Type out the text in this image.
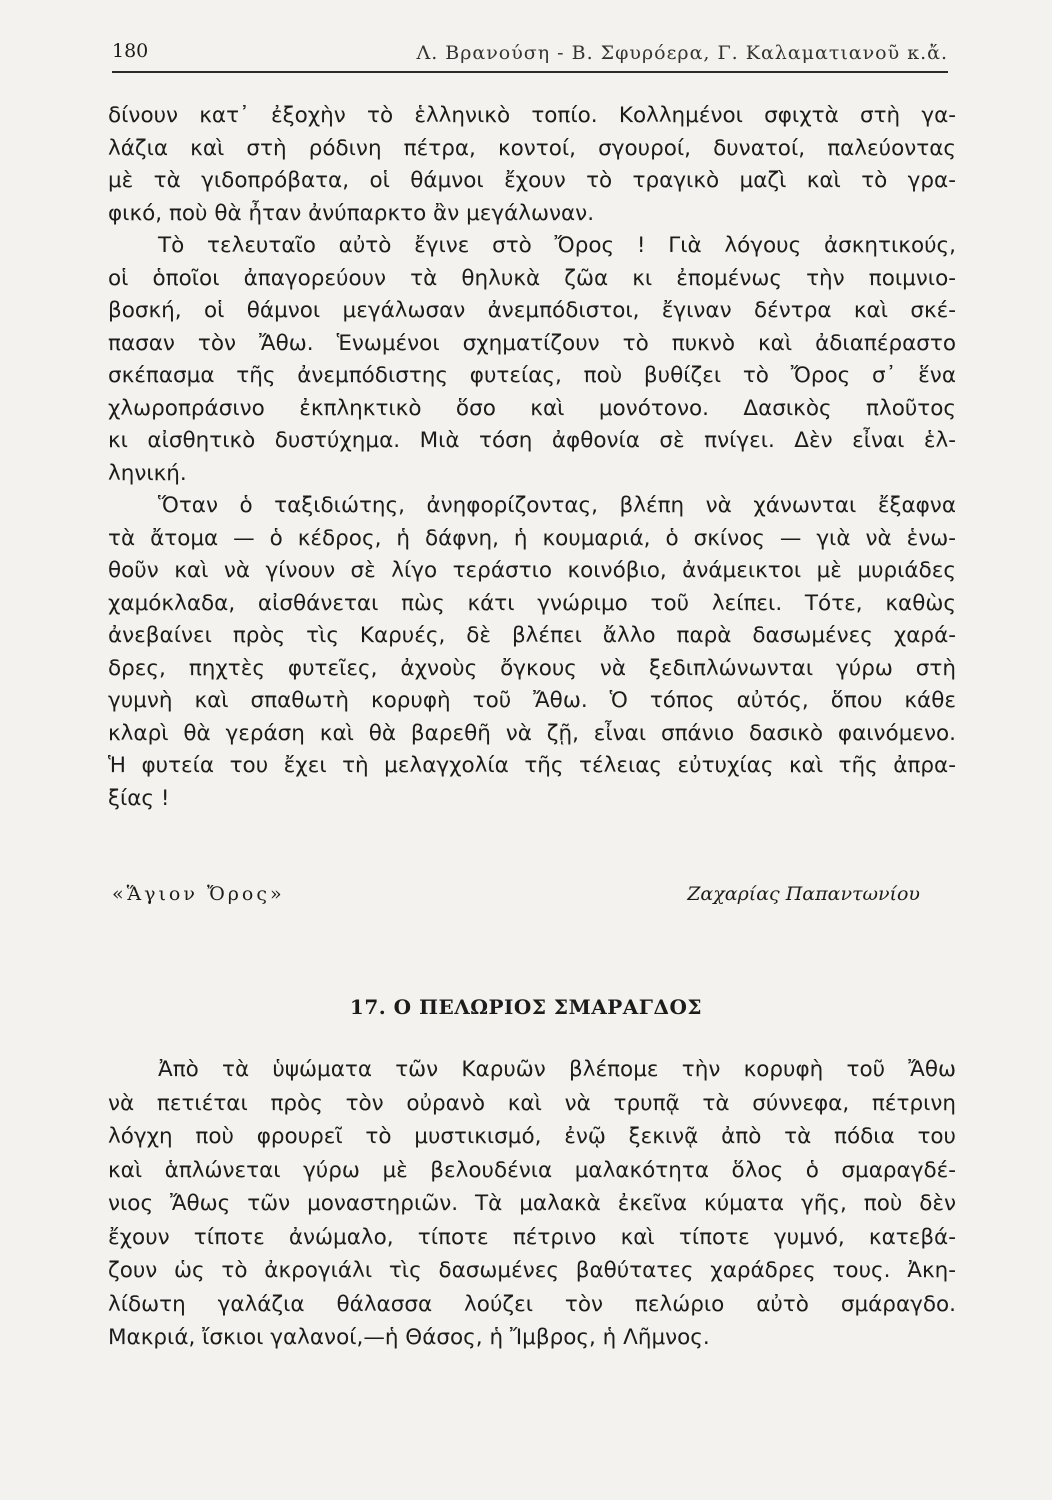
180	Λ. Βρανούση - Β. Σφυρόερα, Γ. Καλαματιανοῦ κ.ἄ.
δίνουν κατ᾽ ἐξοχὴν τὸ ἑλληνικὸ τοπίο. Κολλημένοι σφιχτὰ στὴ γα-
λάζια καὶ στὴ ρόδινη πέτρα, κοντοί, σγουροί, δυνατοί, παλεύοντας
μὲ τὰ γιδοπρόβατα, οἱ θάμνοι ἔχουν τὸ τραγικὸ μαζὶ καὶ τὸ γρα-
φικό, ποὺ θὰ ἦταν ἀνύπαρκτο ἂν μεγάλωναν.
Τὸ τελευταῖο αὐτὸ ἔγινε στὸ Ὄρος ! Γιὰ λόγους ἀσκητικούς,
οἱ ὁποῖοι ἀπαγορεύουν τὰ θηλυκὰ ζῶα κι ἐπομένως τὴν ποιμνιο-
βοσκή, οἱ θάμνοι μεγάλωσαν ἀνεμπόδιστοι, ἔγιναν δέντρα καὶ σκέ-
πασαν τὸν Ἄθω. Ἑνωμένοι σχηματίζουν τὸ πυκνὸ καὶ ἀδιαπέραστο
σκέπασμα τῆς ἀνεμπόδιστης φυτείας, ποὺ βυθίζει τὸ Ὄρος σ᾽ ἕνα
χλωροπράσινο ἐκπληκτικὸ ὅσο καὶ μονότονο. Δασικὸς πλοῦτος
κι αἰσθητικὸ δυστύχημα. Μιὰ τόση ἀφθονία σὲ πνίγει. Δὲν εἶναι ἑλ-
ληνική.
Ὅταν ὁ ταξιδιώτης, ἀνηφορίζοντας, βλέπη νὰ χάνωνται ἔξαφνα
τὰ ἄτομα — ὁ κέδρος, ἡ δάφνη, ἡ κουμαριά, ὁ σκίνος — γιὰ νὰ ἑνω-
θοῦν καὶ νὰ γίνουν σὲ λίγο τεράστιο κοινόβιο, ἀνάμεικτοι μὲ μυριάδες
χαμόκλαδα, αἰσθάνεται πὼς κάτι γνώριμο τοῦ λείπει. Τότε, καθὼς
ἀνεβαίνει πρὸς τὶς Καρυές, δὲ βλέπει ἄλλο παρὰ δασωμένες χαρά-
δρες, πηχτὲς φυτεῖες, ἀχνοὺς ὄγκους νὰ ξεδιπλώνωνται γύρω στὴ
γυμνὴ καὶ σπαθωτὴ κορυφὴ τοῦ Ἄθω. Ὁ τόπος αὐτός, ὅπου κάθε
κλαρὶ θὰ γεράση καὶ θὰ βαρεθῆ νὰ ζῇ, εἶναι σπάνιο δασικὸ φαινόμενο.
Ἡ φυτεία του ἔχει τὴ μελαγχολία τῆς τέλειας εὐτυχίας καὶ τῆς ἀπρα-
ξίας !
«Ἅγιον Ὄρος»	Ζαχαρίας Παπαντωνίου
17. Ο ΠΕΛΩΡΙΟΣ ΣΜΑΡΑΓΔΟΣ
Ἀπὸ τὰ ὑψώματα τῶν Καρυῶν βλέπομε τὴν κορυφὴ τοῦ Ἄθω
νὰ πετιέται πρὸς τὸν οὐρανὸ καὶ νὰ τρυπᾷ τὰ σύννεφα, πέτρινη
λόγχη ποὺ φρουρεῖ τὸ μυστικισμό, ἐνῷ ξεκινᾷ ἀπὸ τὰ πόδια του
καὶ ἁπλώνεται γύρω μὲ βελουδένια μαλακότητα ὅλος ὁ σμαραγδέ-
νιος Ἄθως τῶν μοναστηριῶν. Τὰ μαλακὰ ἐκεῖνα κύματα γῆς, ποὺ δὲν
ἔχουν τίποτε ἀνώμαλο, τίποτε πέτρινο καὶ τίποτε γυμνό, κατεβά-
ζουν ὡς τὸ ἀκρογιάλι τὶς δασωμένες βαθύτατες χαράδρες τους. Ἀκη-
λίδωτη γαλάζια θάλασσα λούζει τὸν πελώριο αὐτὸ σμάραγδο.
Μακριά, ἴσκιοι γαλανοί,—ἡ Θάσος, ἡ Ἴμβρος, ἡ Λῆμνος.
